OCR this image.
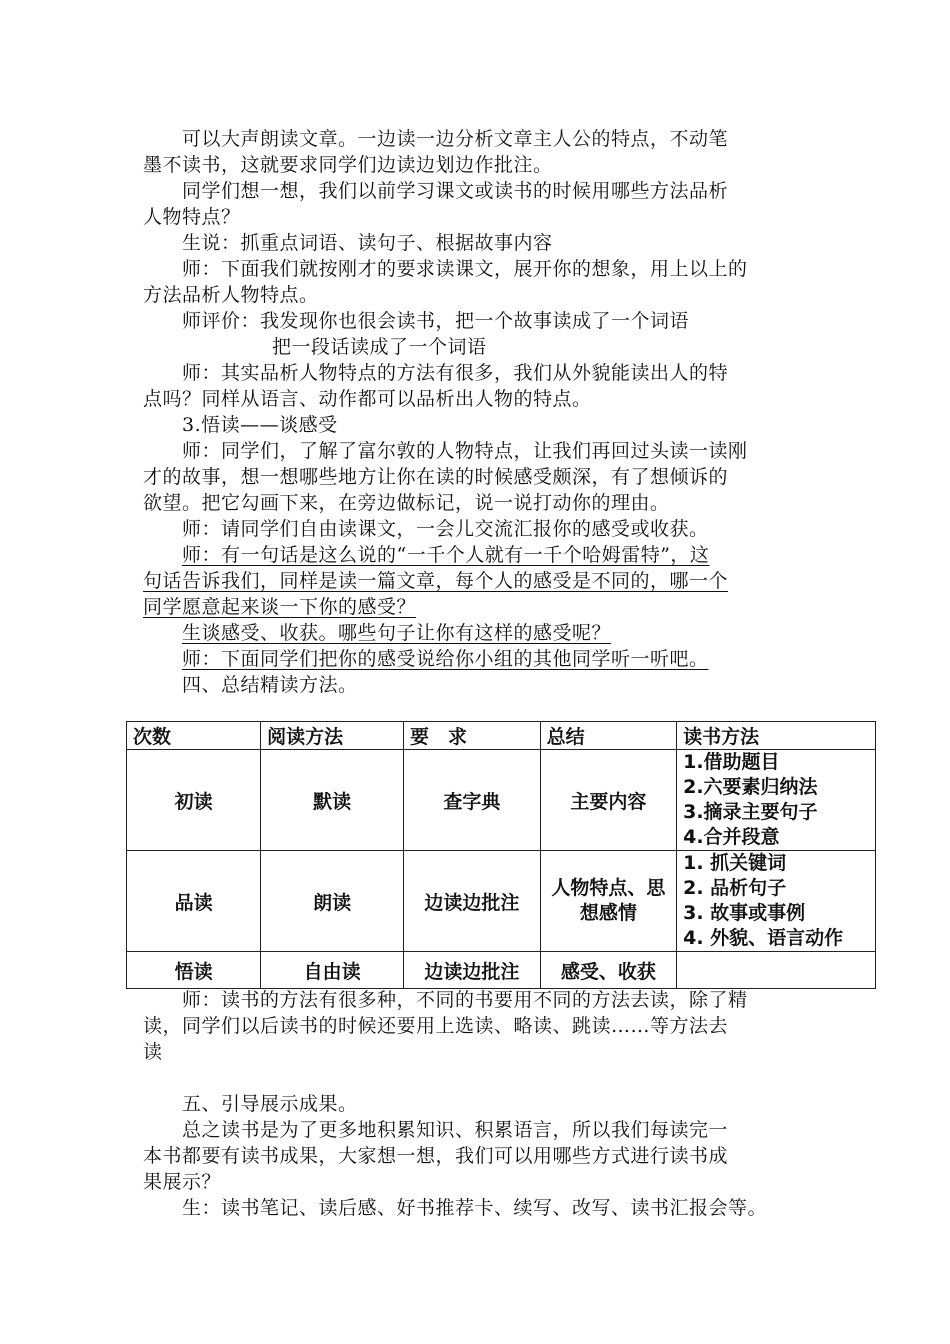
可以大声朗读文章。一边读一边分析文章主人公的特点，不动笔
墨不读书，这就要求同学们边读边划边作批注。
同学们想一想，我们以前学习课文或读书的时候用哪些方法品析
人物特点？
生说：抓重点词语、读句子、根据故事内容
师：下面我们就按刚才的要求读课文，展开你的想象，用上以上的
方法品析人物特点。
师评价：我发现你也很会读书，把一个故事读成了一个词语
把一段话读成了一个词语
师：其实品析人物特点的方法有很多，我们从外貌能读出人的特
点吗？同样从语言、动作都可以品析出人物的特点。
3.悟读——谈感受
师：同学们，了解了富尔敦的人物特点，让我们再回过头读一读刚
才的故事，想一想哪些地方让你在读的时候感受颇深，有了想倾诉的
欲望。把它勾画下来，在旁边做标记，说一说打动你的理由。
师：请同学们自由读课文，一会儿交流汇报你的感受或收获。
师：有一句话是这么说的“一千个人就有一千个哈姆雷特”，这
句话告诉我们，同样是读一篇文章，每个人的感受是不同的，哪一个
同学愿意起来谈一下你的感受？
生谈感受、收获。哪些句子让你有这样的感受呢？
师：下面同学们把你的感受说给你小组的其他同学听一听吧。
四、总结精读方法。
次数	阅读方法	要　求	总结	读书方法
初读	默读	查字典	主要内容	1.借助题目
2.六要素归纳法
3.摘录主要句子
4.合并段意

品读	朗读	边读边批注	人物特点、思想感情	1. 抓关键词
2. 品析句子
3. 故事或事例
4. 外貌、语言动作

悟读	自由读	边读边批注	感受、收获	
师：读书的方法有很多种，不同的书要用不同的方法去读，除了精
读，同学们以后读书的时候还要用上选读、略读、跳读……等方法去
读
五、引导展示成果。
总之读书是为了更多地积累知识、积累语言，所以我们每读完一
本书都要有读书成果，大家想一想，我们可以用哪些方式进行读书成
果展示？
生：读书笔记、读后感、好书推荐卡、续写、改写、读书汇报会等。
